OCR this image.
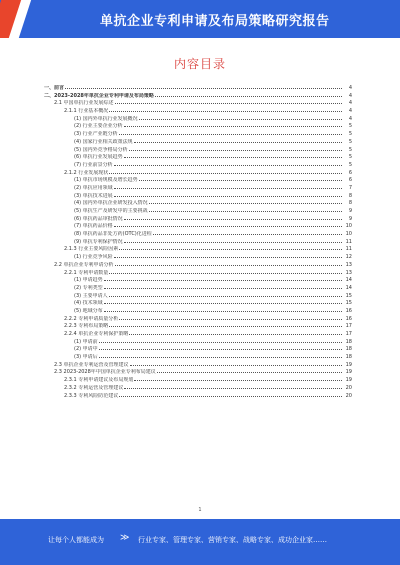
单抗企业专利申请及布局策略研究报告
内容目录
一、前言	4
二、2023-2028年单抗企业专利申请及布局策略	4
2.1 中国单抗行业发展综述	4
2.1.1 行业基本概况	4
(1) 国内外单抗行业发展概况	4
(2) 行业主要企业分析	5
(3) 行业产业链分析	5
(4) 国家行业相关政策法规	5
(5) 国内外竞争格局分析	5
(6) 单抗行业发展趋势	5
(7) 行业前景分析	5
2.1.2 行业发展现状	6
(1) 单抗市场规模及增长趋势	6
(2) 单抗应用领域	7
(3) 单抗技术进展	8
(4) 国内外单抗企业研发投入情况	8
(5) 单抗生产及研发中的主要挑战	9
(6) 单抗药品审批情况	9
(7) 单抗药品价格	10
(8) 单抗药品非处方药(OTC)化进程	10
(9) 单抗专利保护情况	11
2.1.3 行业主要风险因素	11
(1) 行业竞争风险	12
2.2 单抗企业专利申请分析	13
2.2.1 专利申请数量	13
(1) 申请趋势	14
(2) 专利类型	14
(3) 主要申请人	15
(4) 技术领域	15
(5) 地域分布	16
2.2.2 专利申请质量分析	16
2.2.3 专利布局策略	17
2.2.4 单抗企业专利保护策略	17
(1) 申请前	18
(2) 申请中	18
(3) 申请后	18
2.3 单抗企业专利运营及管理建议	19
2.3 2023-2028年中国单抗企业专利布局建议	19
2.3.1 专利申请建议及布局规划	19
2.3.2 专利运营及管理建议	20
2.3.3 专利风险防范建议	20
1
让每个人都能成为 ≫ 行业专家、管理专家、营销专家、战略专家、成功企业家……
